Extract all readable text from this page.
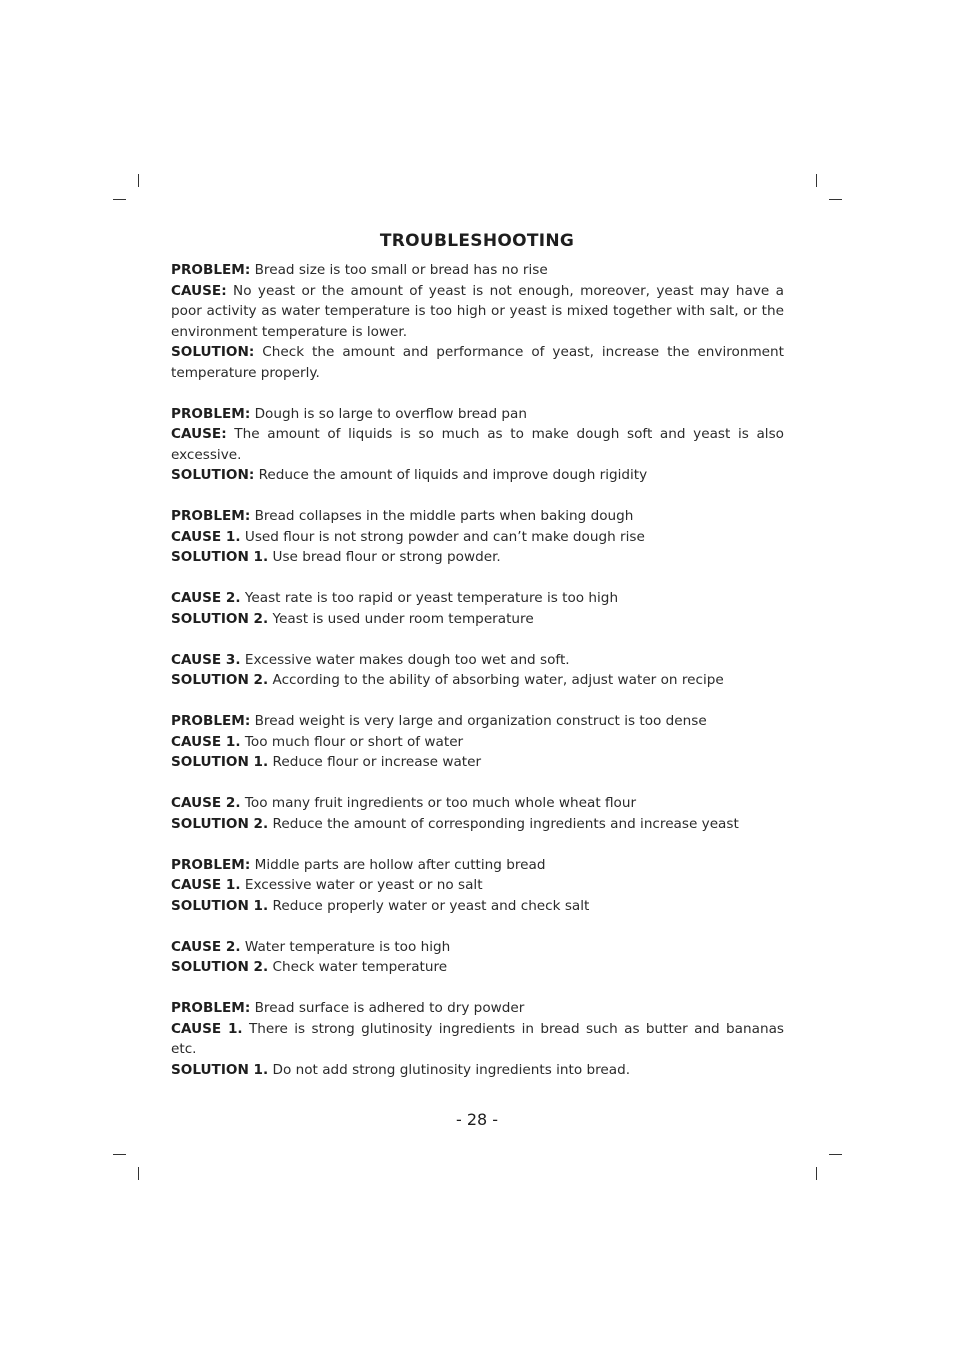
TROUBLESHOOTING
PROBLEM: Bread size is too small or bread has no rise
CAUSE: No yeast or the amount of yeast is not enough, moreover, yeast may have a poor activity as water temperature is too high or yeast is mixed together with salt, or the environment temperature is lower.
SOLUTION: Check the amount and performance of yeast, increase the environment temperature properly.
PROBLEM: Dough is so large to overflow bread pan
CAUSE: The amount of liquids is so much as to make dough soft and yeast is also excessive.
SOLUTION: Reduce the amount of liquids and improve dough rigidity
PROBLEM: Bread collapses in the middle parts when baking dough
CAUSE 1. Used flour is not strong powder and can’t make dough rise
SOLUTION 1. Use bread flour or strong powder.
CAUSE 2. Yeast rate is too rapid or yeast temperature is too high
SOLUTION 2. Yeast is used under room temperature
CAUSE 3. Excessive water makes dough too wet and soft.
SOLUTION 2. According to the ability of absorbing water, adjust water on recipe
PROBLEM: Bread weight is very large and organization construct is too dense
CAUSE 1. Too much flour or short of water
SOLUTION 1. Reduce flour or increase water
CAUSE 2. Too many fruit ingredients or too much whole wheat flour
SOLUTION 2. Reduce the amount of corresponding ingredients and increase yeast
PROBLEM: Middle parts are hollow after cutting bread
CAUSE 1. Excessive water or yeast or no salt
SOLUTION 1. Reduce properly water or yeast and check salt
CAUSE 2. Water temperature is too high
SOLUTION 2. Check water temperature
PROBLEM: Bread surface is adhered to dry powder
CAUSE 1. There is strong glutinosity ingredients in bread such as butter and bananas etc.
SOLUTION 1. Do not add strong glutinosity ingredients into bread.
- 28 -
